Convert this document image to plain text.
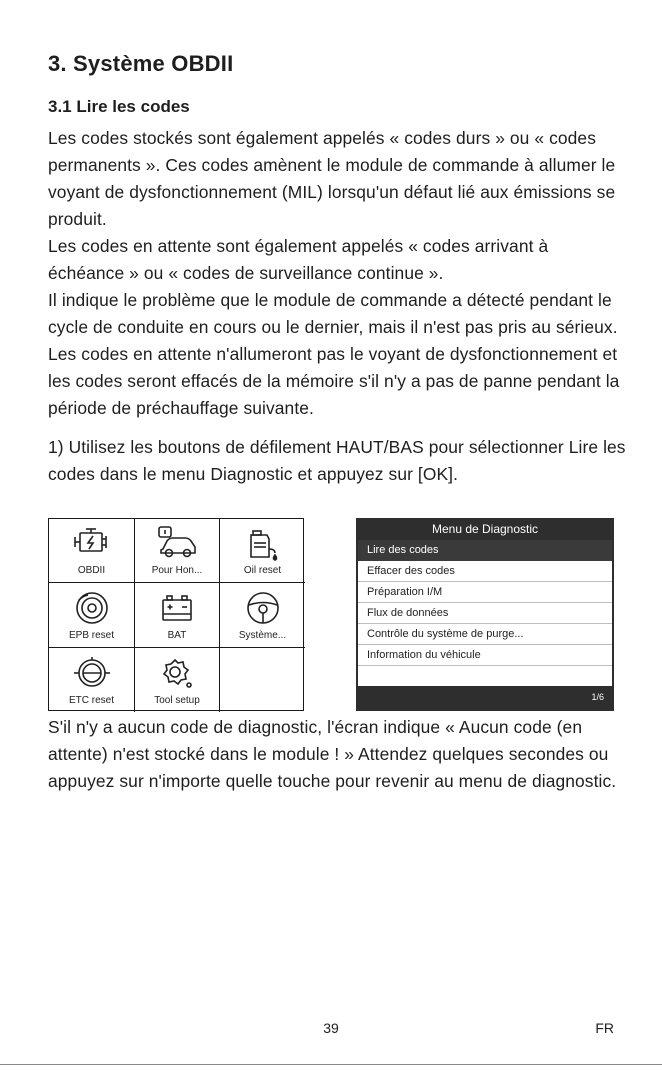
3. Système OBDII
3.1 Lire les codes

Les codes stockés sont également appelés « codes durs » ou « codes permanents ». Ces codes amènent le module de commande à allumer le voyant de dysfonctionnement (MIL) lorsqu'un défaut lié aux émissions se produit.

Les codes en attente sont également appelés « codes arrivant à échéance » ou « codes de surveillance continue ».

Il indique le problème que le module de commande a détecté pendant le cycle de conduite en cours ou le dernier, mais il n'est pas pris au sérieux.

Les codes en attente n'allumeront pas le voyant de dysfonctionnement et les codes seront effacés de la mémoire s'il n'y a pas de panne pendant la période de préchauffage suivante.

1) Utilisez les boutons de défilement HAUT/BAS pour sélectionner Lire les codes dans le menu Diagnostic et appuyez sur [OK].

OBDII	Pour Hon...	Oil reset
EPB reset	BAT	Système...
ETC reset	Tool setup
Menu de Diagnostic
Lire des codes
Effacer des codes
Préparation I/M
Flux de données
Contrôle du système de purge...
Information du véhicule
1/6

S'il n'y a aucun code de diagnostic, l'écran indique « Aucun code (en attente) n'est stocké dans le module ! » Attendez quelques secondes ou appuyez sur n'importe quelle touche pour revenir au menu de diagnostic.

39	FR
